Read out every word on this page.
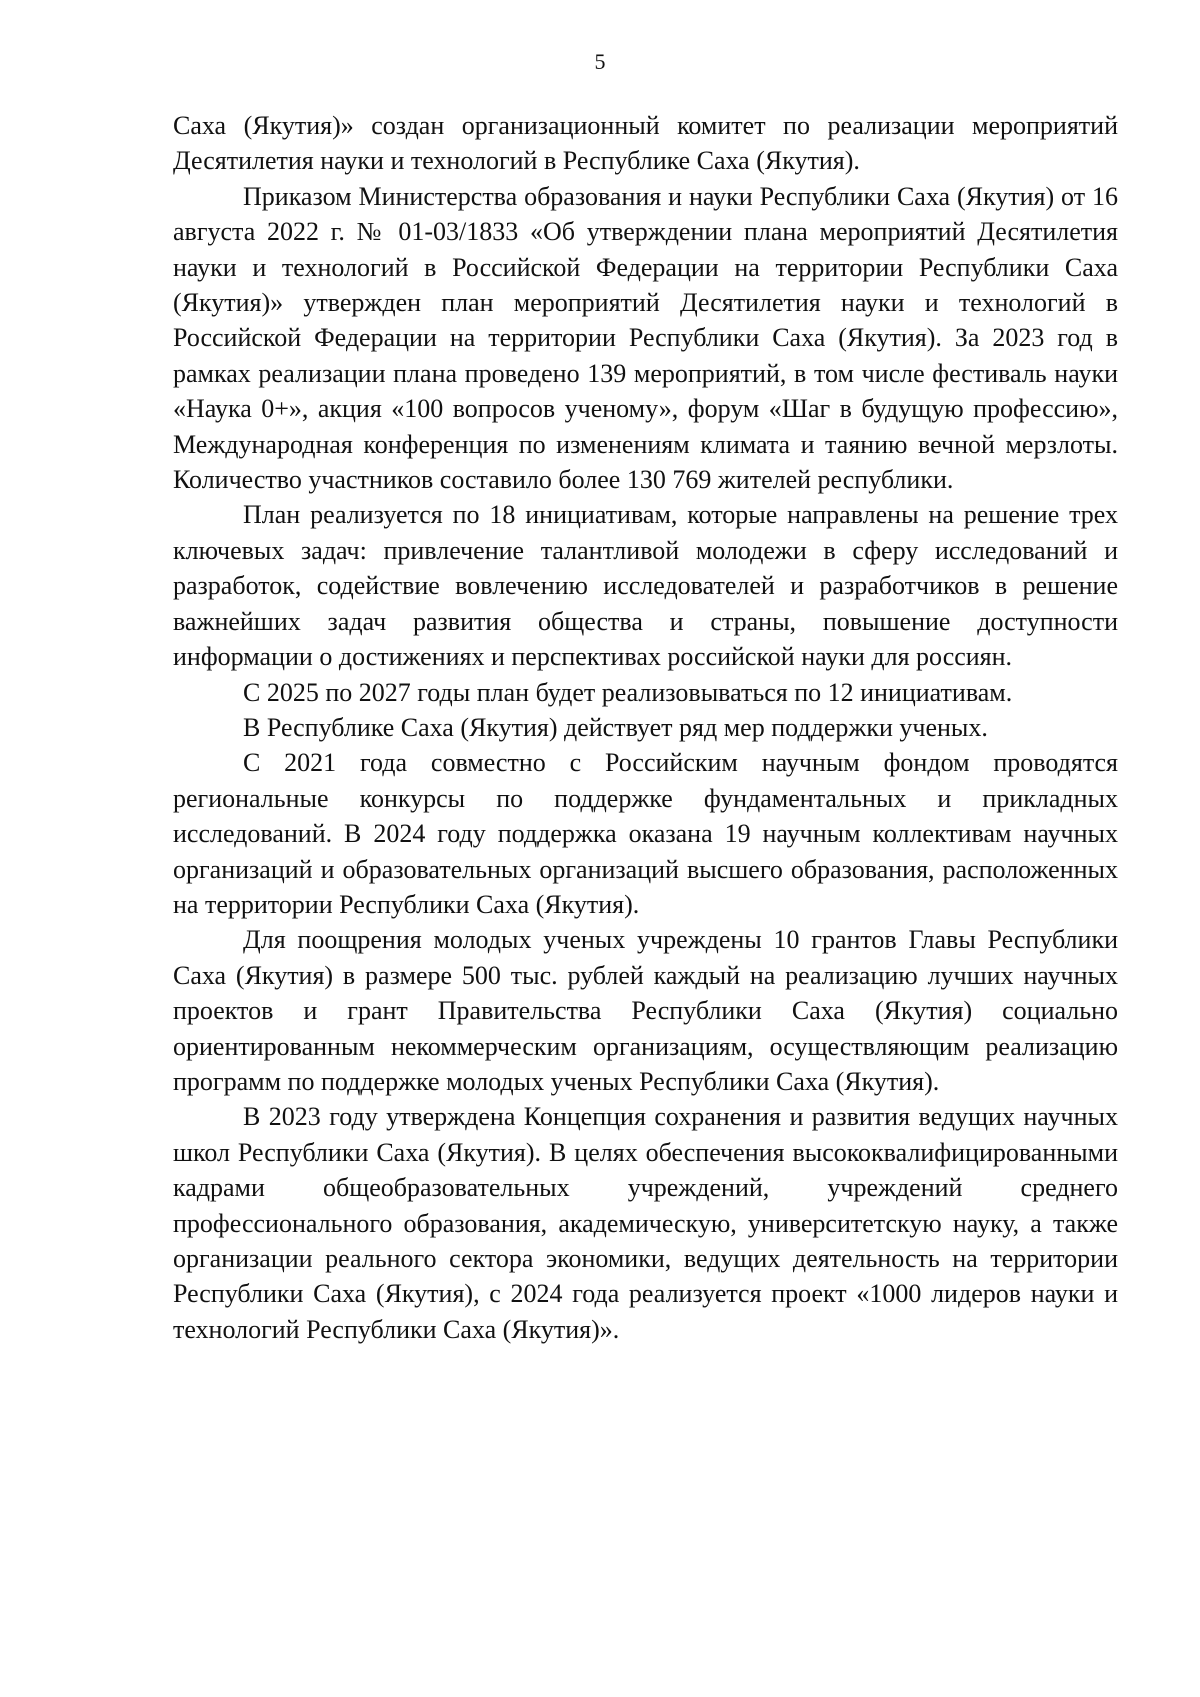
5

Саха (Якутия)» создан организационный комитет по реализации мероприятий Десятилетия науки и технологий в Республике Саха (Якутия).

Приказом Министерства образования и науки Республики Саха (Якутия) от 16 августа 2022 г. № 01-03/1833 «Об утверждении плана мероприятий Десятилетия науки и технологий в Российской Федерации на территории Республики Саха (Якутия)» утвержден план мероприятий Десятилетия науки и технологий в Российской Федерации на территории Республики Саха (Якутия). За 2023 год в рамках реализации плана проведено 139 мероприятий, в том числе фестиваль науки «Наука 0+», акция «100 вопросов ученому», форум «Шаг в будущую профессию», Международная конференция по изменениям климата и таянию вечной мерзлоты. Количество участников составило более 130 769 жителей республики.

План реализуется по 18 инициативам, которые направлены на решение трех ключевых задач: привлечение талантливой молодежи в сферу исследований и разработок, содействие вовлечению исследователей и разработчиков в решение важнейших задач развития общества и страны, повышение доступности информации о достижениях и перспективах российской науки для россиян.

С 2025 по 2027 годы план будет реализовываться по 12 инициативам.

В Республике Саха (Якутия) действует ряд мер поддержки ученых.

С 2021 года совместно с Российским научным фондом проводятся региональные конкурсы по поддержке фундаментальных и прикладных исследований. В 2024 году поддержка оказана 19 научным коллективам научных организаций и образовательных организаций высшего образования, расположенных на территории Республики Саха (Якутия).

Для поощрения молодых ученых учреждены 10 грантов Главы Республики Саха (Якутия) в размере 500 тыс. рублей каждый на реализацию лучших научных проектов и грант Правительства Республики Саха (Якутия) социально ориентированным некоммерческим организациям, осуществляющим реализацию программ по поддержке молодых ученых Республики Саха (Якутия).

В 2023 году утверждена Концепция сохранения и развития ведущих научных школ Республики Саха (Якутия). В целях обеспечения высококвалифицированными кадрами общеобразовательных учреждений, учреждений среднего профессионального образования, академическую, университетскую науку, а также организации реального сектора экономики, ведущих деятельность на территории Республики Саха (Якутия), с 2024 года реализуется проект «1000 лидеров науки и технологий Республики Саха (Якутия)».
